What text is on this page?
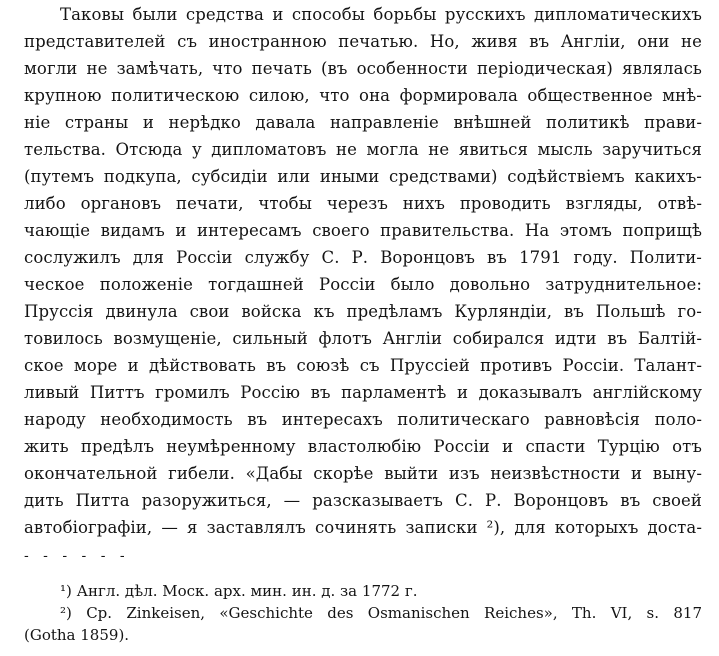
Таковы были средства и способы борьбы русскихъ дипломатическихъ
представителей съ иностранною печатью. Но, живя въ Англіи, они не
могли не замѣчать, что печать (въ особенности періодическая) являлась
крупною политическою силою, что она формировала общественное мнѣ-
ніе страны и нерѣдко давала направленіе внѣшней политикѣ прави-
тельства. Отсюда у дипломатовъ не могла не явиться мысль заручиться
(путемъ подкупа, субсидіи или иными средствами) содѣйствіемъ какихъ-
либо органовъ печати, чтобы черезъ нихъ проводить взгляды, отвѣ-
чающіе видамъ и интересамъ своего правительства. На этомъ поприщѣ
сослужилъ для Россіи службу С. Р. Воронцовъ въ 1791 году. Полити-
ческое положеніе тогдашней Россіи было довольно затруднительное:
Пруссія двинула свои войска къ предѣламъ Курляндіи, въ Польшѣ го-
товилось возмущеніе, сильный флотъ Англіи собирался идти въ Балтій-
ское море и дѣйствовать въ союзѣ съ Пруссіей противъ Россіи. Талант-
ливый Питтъ громилъ Россію въ парламентѣ и доказывалъ англійскому
народу необходимость въ интересахъ политическаго равновѣсія поло-
жить предѣлъ неумѣренному властолюбію Россіи и спасти Турцію отъ
окончательной гибели. «Дабы скорѣе выйти изъ неизвѣстности и выну-
дить Питта разоружиться, — разсказываетъ С. Р. Воронцовъ въ своей
автобіографіи, — я заставлялъ сочинять записки ²), для которыхъ доста-
- - - - - -
¹) Англ. дѣл. Моск. арх. мин. ин. д. за 1772 г.
²) Ср. Zinkeisen, «Geschichte des Osmanischen Reiches», Th. VI, s. 817
(Gotha 1859).
